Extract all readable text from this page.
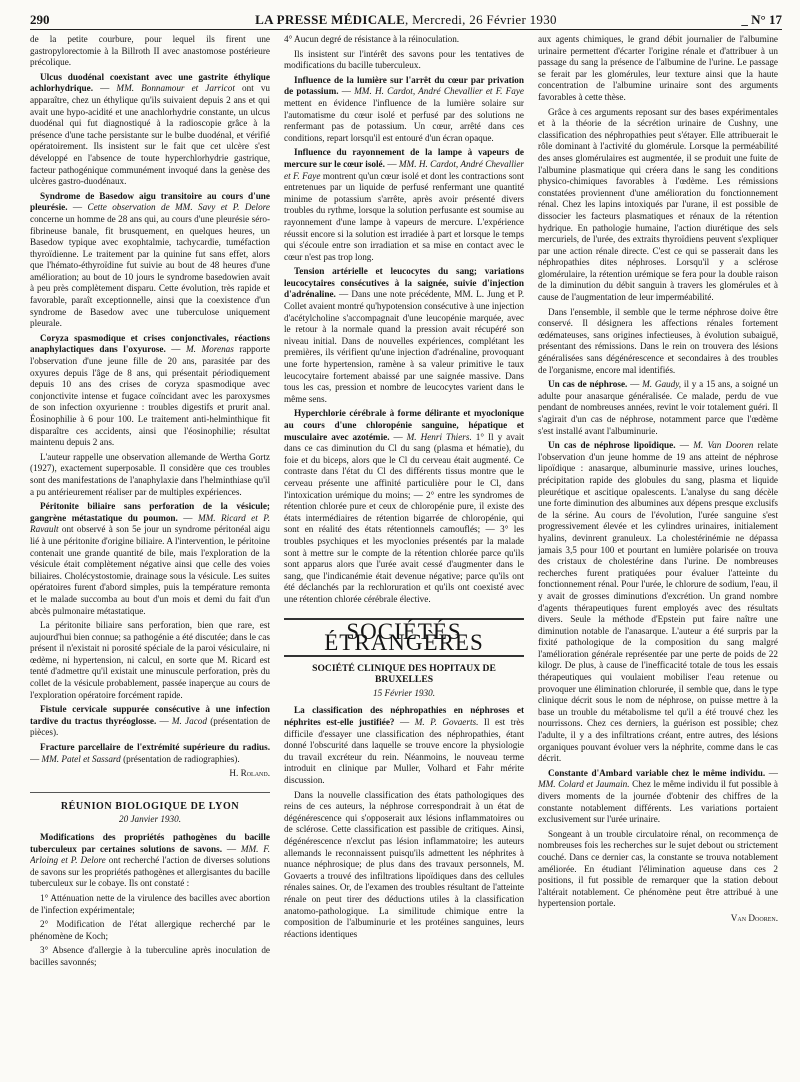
290	LA PRESSE MÉDICALE, Mercredi, 26 Février 1930	_ N° 17

de la petite courbure, pour lequel ils firent une gastropylorectomie à la Billroth II avec anastomose postérieure précolique.

Ulcus duodénal coexistant avec une gastrite éthylique achlorhydrique. — MM. Bonnamour et Jarricot ont vu apparaître, chez un éthylique qu'ils suivaient depuis 2 ans et qui avait une hypo-acidité et une anachlorhydrie constante, un ulcus duodénal qui fut diagnostiqué à la radioscopie grâce à la présence d'une tache persistante sur le bulbe duodénal, et vérifié opératoirement. Ils insistent sur le fait que cet ulcère s'est développé en l'absence de toute hyperchlorhydrie gastrique, facteur pathogénique communément invoqué dans la genèse des ulcères gastro-duodénaux.

Syndrome de Basedow aigu transitoire au cours d'une pleurésie. — Cette observation de MM. Savy et P. Delore concerne un homme de 28 ans qui, au cours d'une pleurésie séro-fibrineuse banale, fit brusquement, en quelques heures, un Basedow typique avec exophtalmie, tachycardie, tuméfaction thyroïdienne. Le traitement par la quinine fut sans effet, alors que l'hémato-éthyroïdine fut suivie au bout de 48 heures d'une amélioration; au bout de 10 jours le syndrome basedowien avait à peu près complètement disparu. Cette évolution, très rapide et favorable, paraît exceptionnelle, ainsi que la coexistence d'un syndrome de Basedow avec une tuberculose uniquement pleurale.

Coryza spasmodique et crises conjonctivales, réactions anaphylactiques dans l'oxyurose. — M. Morenas rapporte l'observation d'une jeune fille de 20 ans, parasitée par des oxyures depuis l'âge de 8 ans, qui présentait périodiquement depuis 10 ans des crises de coryza spasmodique avec conjonctivite intense et fugace coïncidant avec les paroxysmes de son infection oxyurienne : troubles digestifs et prurit anal. Éosinophilie à 6 pour 100. Le traitement anti-helminthique fit disparaître ces accidents, ainsi que l'éosinophilie; résultat maintenu depuis 2 ans.

L'auteur rappelle une observation allemande de Wertha Gortz (1927), exactement superposable. Il considère que ces troubles sont des manifestations de l'anaphylaxie dans l'helminthiase qu'il a pu antérieurement réaliser par de multiples expériences.

Péritonite biliaire sans perforation de la vésicule; gangrène métastatique du poumon. — MM. Ricard et P. Ravault ont observé à son 5e jour un syndrome péritonéal aigu lié à une péritonite d'origine biliaire. A l'intervention, le péritoine contenait une grande quantité de bile, mais l'exploration de la vésicule était complètement négative ainsi que celle des voies biliaires. Cholécystostomie, drainage sous la vésicule. Les suites opératoires furent d'abord simples, puis la température remonta et le malade succomba au bout d'un mois et demi du fait d'un abcès pulmonaire métastatique.

La péritonite biliaire sans perforation, bien que rare, est aujourd'hui bien connue; sa pathogénie a été discutée; dans le cas présent il n'existait ni porosité spéciale de la paroi vésiculaire, ni œdème, ni hypertension, ni calcul, en sorte que M. Ricard est tenté d'admettre qu'il existait une minuscule perforation, près du collet de la vésicule probablement, passée inaperçue au cours de l'exploration opératoire forcément rapide.

Fistule cervicale suppurée consécutive à une infection tardive du tractus thyréoglosse. — M. Jacod (présentation de pièces).

Fracture parcellaire de l'extrémité supérieure du radius. — MM. Patel et Sassard (présentation de radiographies).

H. Roland.
RÉUNION BIOLOGIQUE DE LYON
20 Janvier 1930.

Modifications des propriétés pathogènes du bacille tuberculeux par certaines solutions de savons. — MM. F. Arloing et P. Delore ont recherché l'action de diverses solutions de savons sur les propriétés pathogènes et allergisantes du bacille tuberculeux sur le cobaye. Ils ont constaté :

1° Atténuation nette de la virulence des bacilles avec abortion de l'infection expérimentale;

2° Modification de l'état allergique recherché par le phénomène de Koch;

3° Absence d'allergie à la tuberculine après inoculation de bacilles savonnés;

4° Aucun degré de résistance à la réinoculation.

Ils insistent sur l'intérêt des savons pour les tentatives de modifications du bacille tuberculeux.

Influence de la lumière sur l'arrêt du cœur par privation de potassium. — MM. H. Cardot, André Chevallier et F. Faye mettent en évidence l'influence de la lumière solaire sur l'automatisme du cœur isolé et perfusé par des solutions ne renfermant pas de potassium. Un cœur, arrêté dans ces conditions, repart lorsqu'il est entouré d'un écran opaque.

Influence du rayonnement de la lampe à vapeurs de mercure sur le cœur isolé. — MM. H. Cardot, André Chevallier et F. Faye montrent qu'un cœur isolé et dont les contractions sont entretenues par un liquide de perfusé renfermant une quantité minime de potassium s'arrête, après avoir présenté divers troubles du rythme, lorsque la solution perfusante est soumise au rayonnement d'une lampe à vapeurs de mercure. L'expérience réussit encore si la solution est irradiée à part et lorsque le temps qui s'écoule entre son irradiation et sa mise en contact avec le cœur n'est pas trop long.

Tension artérielle et leucocytes du sang; variations leucocytaires consécutives à la saignée, suivie d'injection d'adrénaline. — Dans une note précédente, MM. L. Jung et P. Collet avaient montré qu'hypotension consécutive à une injection d'acétylcholine s'accompagnait d'une leucopénie marquée, avec le retour à la normale quand la pression avait récupéré son niveau initial. Dans de nouvelles expériences, complétant les premières, ils vérifient qu'une injection d'adrénaline, provoquant une forte hypertension, ramène à sa valeur primitive le taux leucocytaire fortement abaissé par une saignée massive. Dans tous les cas, pression et nombre de leucocytes varient dans le même sens.

Hyperchlorie cérébrale à forme délirante et myoclonique au cours d'une chloropénie sanguine, hépatique et musculaire avec azotémie. — M. Henri Thiers. 1° Il y avait dans ce cas diminution du Cl du sang (plasma et hématie), du foie et du biceps, alors que le Cl du cerveau était augmenté. Ce contraste dans l'état du Cl des différents tissus montre que le cerveau présente une affinité particulière pour le Cl, dans l'intoxication urémique du moins; — 2° entre les syndromes de rétention chlorée pure et ceux de chloropénie pure, il existe des états intermédiaires de rétention bigarrée de chloropénie, qui sont en réalité des états rétentionnels camouflés; — 3° les troubles psychiques et les myoclonies présentés par la malade sont à mettre sur le compte de la rétention chlorée parce qu'ils sont apparus alors que l'urée avait cessé d'augmenter dans le sang, que l'indicanémie était devenue négative; parce qu'ils ont été déclanchés par la rechloruration et qu'ils ont coexisté avec une rétention chlorée cérébrale élective.

SOCIÉTÉS ÉTRANGÈRES
SOCIÉTÉ CLINIQUE DES HOPITAUX DE BRUXELLES
15 Février 1930.

La classification des néphropathies en néphroses et néphrites est-elle justifiée? — M. P. Govaerts. Il est très difficile d'essayer une classification des néphropathies, étant donné l'obscurité dans laquelle se trouve encore la physiologie du travail excréteur du rein. Néanmoins, le nouveau terme introduit en clinique par Muller, Volhard et Fahr mérite discussion.

Dans la nouvelle classification des états pathologiques des reins de ces auteurs, la néphrose correspondrait à un état de dégénérescence qui s'opposerait aux lésions inflammatoires ou de sclérose. Cette classification est passible de critiques. Ainsi, dégénérescence n'exclut pas lésion inflammatoire; les auteurs allemands le reconnaissent puisqu'ils admettent les néphrites à nuance néphrosique; de plus dans des travaux personnels, M. Govaerts a trouvé des infiltrations lipoïdiques dans des cellules rénales saines. Or, de l'examen des troubles résultant de l'atteinte rénale on peut tirer des déductions utiles à la classification anatomo-pathologique. La similitude chimique entre la composition de l'albuminurie et les protéines sanguines, leurs réactions identiques

aux agents chimiques, le grand débit journalier de l'albumine urinaire permettent d'écarter l'origine rénale et d'attribuer à un passage du sang la présence de l'albumine de l'urine. Le passage se ferait par les glomérules, leur texture ainsi que la haute concentration de l'albumine urinaire sont des arguments favorables à cette thèse.

Grâce à ces arguments reposant sur des bases expérimentales et à la théorie de la sécrétion urinaire de Cushny, une classification des néphropathies peut s'étayer. Elle attribuerait le rôle dominant à l'activité du glomérule. Lorsque la perméabilité des anses glomérulaires est augmentée, il se produit une fuite de l'albumine plasmatique qui créera dans le sang les conditions physico-chimiques favorables à l'œdème. Les rémissions constatées proviennent d'une amélioration du fonctionnement rénal. Chez les lapins intoxiqués par l'urane, il est possible de dissocier les facteurs plasmatiques et rénaux de la rétention hydrique. En pathologie humaine, l'action diurétique des sels mercuriels, de l'urée, des extraits thyroïdiens peuvent s'expliquer par une action rénale directe. C'est ce qui se passerait dans les néphropathies dites néphroses. Lorsqu'il y a sclérose glomérulaire, la rétention urémique se fera pour la double raison de la diminution du débit sanguin à travers les glomérules et à cause de l'augmentation de leur imperméabilité.

Dans l'ensemble, il semble que le terme néphrose doive être conservé. Il désignera les affections rénales fortement œdémateuses, sans origines infectieuses, à évolution subaiguë, présentant des rémissions. Dans le rein on trouvera des lésions généralisées sans dégénérescence et secondaires à des troubles de l'organisme, encore mal identifiés.

Un cas de néphrose. — M. Gaudy, il y a 15 ans, a soigné un adulte pour anasarque généralisée. Ce malade, perdu de vue pendant de nombreuses années, revint le voir totalement guéri. Il s'agirait d'un cas de néphrose, notamment parce que l'œdème s'est installé avant l'albuminurie.

Un cas de néphrose lipoïdique. — M. Van Dooren relate l'observation d'un jeune homme de 19 ans atteint de néphrose lipoïdique : anasarque, albuminurie massive, urines louches, précipitation rapide des globules du sang, plasma et liquide pleurétique et ascitique opalescents. L'analyse du sang décèle une forte diminution des albumines aux dépens presque exclusifs de la sérine. Au cours de l'évolution, l'urée sanguine s'est progressivement élevée et les cylindres urinaires, initialement hyalins, devinrent granuleux. La cholestérinémie ne dépassa jamais 3,5 pour 100 et pourtant en lumière polarisée on trouva des cristaux de cholestérine dans l'urine. De nombreuses recherches furent pratiquées pour évaluer l'atteinte du fonctionnement rénal. Pour l'urée, le chlorure de sodium, l'eau, il y avait de grosses diminutions d'excrétion. Un grand nombre d'agents thérapeutiques furent employés avec des résultats divers. Seule la méthode d'Epstein put faire naître une diminution notable de l'anasarque. L'auteur a été surpris par la fixité pathologique de la composition du sang malgré l'amélioration générale représentée par une perte de poids de 22 kilogr. De plus, à cause de l'inefficacité totale de tous les essais thérapeutiques qui voulaient mobiliser l'eau retenue ou provoquer une élimination chlorurée, il semble que, dans le type clinique décrit sous le nom de néphrose, on puisse mettre à la base un trouble du métabolisme tel qu'il a été trouvé chez les nourrissons. Chez ces derniers, la guérison est possible; chez l'adulte, il y a des infiltrations créant, entre autres, des lésions organiques pouvant évoluer vers la néphrite, comme dans le cas décrit.

Constante d'Ambard variable chez le même individu. — MM. Colard et Jaumain. Chez le même individu il fut possible à divers moments de la journée d'obtenir des chiffres de la constante notablement différents. Les variations portaient exclusivement sur l'urée urinaire.

Songeant à un trouble circulatoire rénal, on recommença de nombreuses fois les recherches sur le sujet debout ou strictement couché. Dans ce dernier cas, la constante se trouva notablement améliorée. En étudiant l'élimination aqueuse dans ces 2 positions, il fut possible de remarquer que la station debout l'altérait notablement. Ce phénomène peut être attribué à une hypertension portale.

Van Dooren.
